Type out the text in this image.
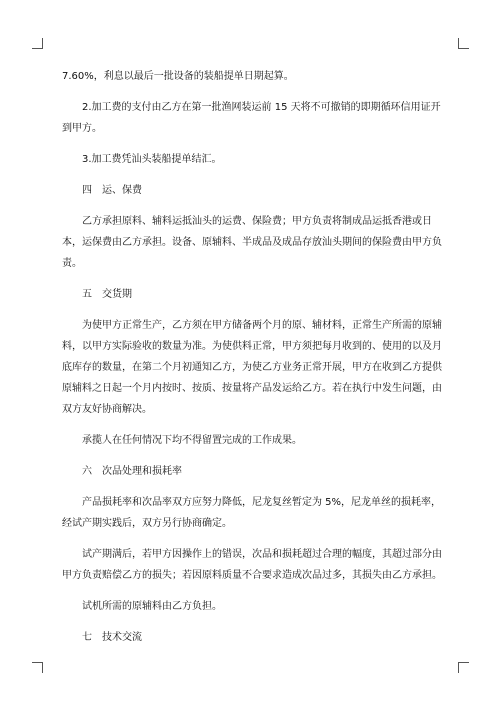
7.60%，利息以最后一批设备的装船提单日期起算。

2.加工费的支付由乙方在第一批渔网装运前 15 天将不可撤销的即期循环信用证开到甲方。

3.加工费凭汕头装船提单结汇。

四　运、保费

乙方承担原料、辅料运抵汕头的运费、保险费；甲方负责将制成品运抵香港或日本，运保费由乙方承担。设备、原辅料、半成品及成品存放汕头期间的保险费由甲方负责。

五　交货期

为使甲方正常生产，乙方须在甲方储备两个月的原、辅材料，正常生产所需的原辅料，以甲方实际验收的数量为准。为使供料正常，甲方须把每月收到的、使用的以及月底库存的数量，在第二个月初通知乙方，为使乙方业务正常开展，甲方在收到乙方提供原辅料之日起一个月内按时、按质、按量将产品发运给乙方。若在执行中发生问题，由双方友好协商解决。

承揽人在任何情况下均不得留置完成的工作成果。

六　次品处理和损耗率

产品损耗率和次品率双方应努力降低，尼龙复丝暂定为 5%，尼龙单丝的损耗率，经试产期实践后，双方另行协商确定。

试产期满后，若甲方因操作上的错误，次品和损耗超过合理的幅度，其超过部分由甲方负责赔偿乙方的损失；若因原料质量不合要求造成次品过多，其损失由乙方承担。

试机所需的原辅料由乙方负担。

七　技术交流
